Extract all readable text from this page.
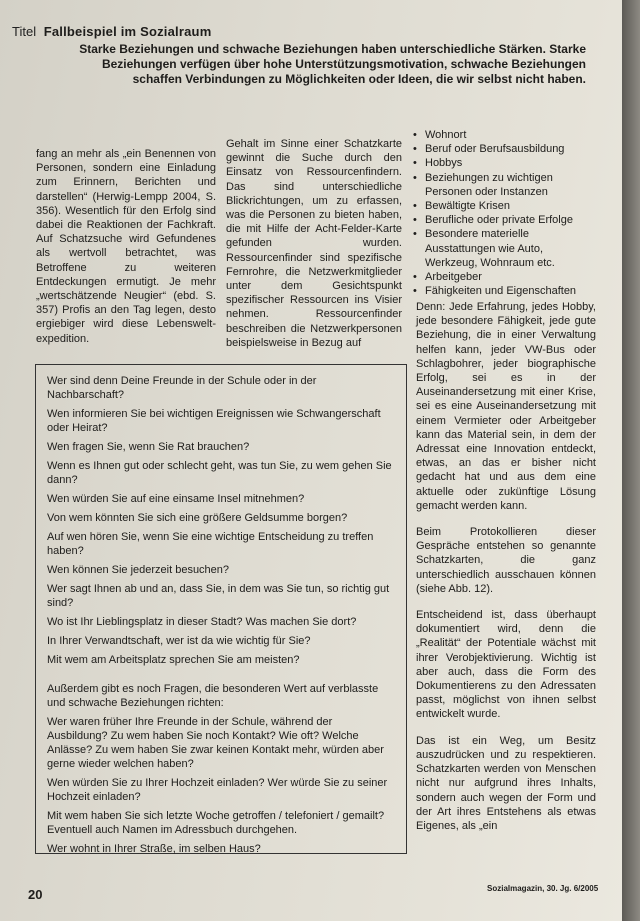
Titel Fallbeispiel im Sozialraum
Starke Beziehungen und schwache Beziehungen haben unterschiedliche Stärken. Starke Beziehungen verfügen über hohe Unterstützungsmotivation, schwache Beziehungen schaffen Verbindungen zu Möglichkeiten oder Ideen, die wir selbst nicht haben.

fang an mehr als „ein Benennen von Personen, sondern eine Einladung zum Erinnern, Berichten und darstellen“ (Herwig-Lempp 2004, S. 356). Wesentlich für den Erfolg sind dabei die Reaktionen der Fachkraft. Auf Schatzsuche wird Gefundenes als wertvoll betrachtet, was Betroffene zu weiteren Entdeckungen ermutigt. Je mehr „wertschätzende Neugier“ (ebd. S. 357) Profis an den Tag legen, desto ergiebiger wird diese Lebenswelt-expedition.

Gehalt im Sinne einer Schatzkarte gewinnt die Suche durch den Einsatz von Ressourcenfindern. Das sind unterschiedliche Blickrichtungen, um zu erfassen, was die Personen zu bieten haben, die mit Hilfe der Acht-Felder-Karte gefunden wurden. Ressourcenfinder sind spezifische Fernrohre, die Netzwerkmitglieder unter dem Gesichtspunkt spezifischer Ressourcen ins Visier nehmen. Ressourcenfinder beschreiben die Netzwerkpersonen beispielsweise in Bezug auf

• Wohnort
• Beruf oder Berufsausbildung
• Hobbys
• Beziehungen zu wichtigen Personen oder Instanzen
• Bewältigte Krisen
• Berufliche oder private Erfolge
• Besondere materielle Ausstattungen wie Auto, Werkzeug, Wohnraum etc.
• Arbeitgeber
• Fähigkeiten und Eigenschaften

Denn: Jede Erfahrung, jedes Hobby, jede besondere Fähigkeit, jede gute Beziehung, die in einer Verwaltung helfen kann, jeder VW-Bus oder Schlagbohrer, jeder biographische Erfolg, sei es in der Auseinandersetzung mit einer Krise, sei es eine Auseinandersetzung mit einem Vermieter oder Arbeitgeber kann das Material sein, in dem der Adressat eine Innovation entdeckt, etwas, an das er bisher nicht gedacht hat und aus dem eine aktuelle oder zukünftige Lösung gemacht werden kann.

Beim Protokollieren dieser Gespräche entstehen so genannte Schatzkarten, die ganz unterschiedlich ausschauen können (siehe Abb. 12).

Entscheidend ist, dass überhaupt dokumentiert wird, denn die „Realität“ der Potentiale wächst mit ihrer Verobjektivierung. Wichtig ist aber auch, dass die Form des Dokumentierens zu den Adressaten passt, möglichst von ihnen selbst entwickelt wurde.

Das ist ein Weg, um Besitz auszudrücken und zu respektieren. Schatzkarten werden von Menschen nicht nur aufgrund ihres Inhalts, sondern auch wegen der Form und der Art ihres Entstehens als etwas Eigenes, als „ein

Wer sind denn Deine Freunde in der Schule oder in der Nachbarschaft?

Wen informieren Sie bei wichtigen Ereignissen wie Schwangerschaft oder Heirat?

Wen fragen Sie, wenn Sie Rat brauchen?

Wenn es Ihnen gut oder schlecht geht, was tun Sie, zu wem gehen Sie dann?

Wen würden Sie auf eine einsame Insel mitnehmen?

Von wem könnten Sie sich eine größere Geldsumme borgen?

Auf wen hören Sie, wenn Sie eine wichtige Entscheidung zu treffen haben?

Wen können Sie jederzeit besuchen?

Wer sagt Ihnen ab und an, dass Sie, in dem was Sie tun, so richtig gut sind?

Wo ist Ihr Lieblingsplatz in dieser Stadt? Was machen Sie dort?

In Ihrer Verwandtschaft, wer ist da wie wichtig für Sie?

Mit wem am Arbeitsplatz sprechen Sie am meisten?

Außerdem gibt es noch Fragen, die besonderen Wert auf verblasste und schwache Beziehungen richten:

Wer waren früher Ihre Freunde in der Schule, während der Ausbildung? Zu wem haben Sie noch Kontakt? Wie oft? Welche Anlässe? Zu wem haben Sie zwar keinen Kontakt mehr, würden aber gerne wieder welchen haben?

Wen würden Sie zu Ihrer Hochzeit einladen? Wer würde Sie zu seiner Hochzeit einladen?

Mit wem haben Sie sich letzte Woche getroffen / telefoniert / gemailt? Eventuell auch Namen im Adressbuch durchgehen.

Wer wohnt in Ihrer Straße, im selben Haus?

20	Sozialmagazin, 30. Jg. 6/2005
